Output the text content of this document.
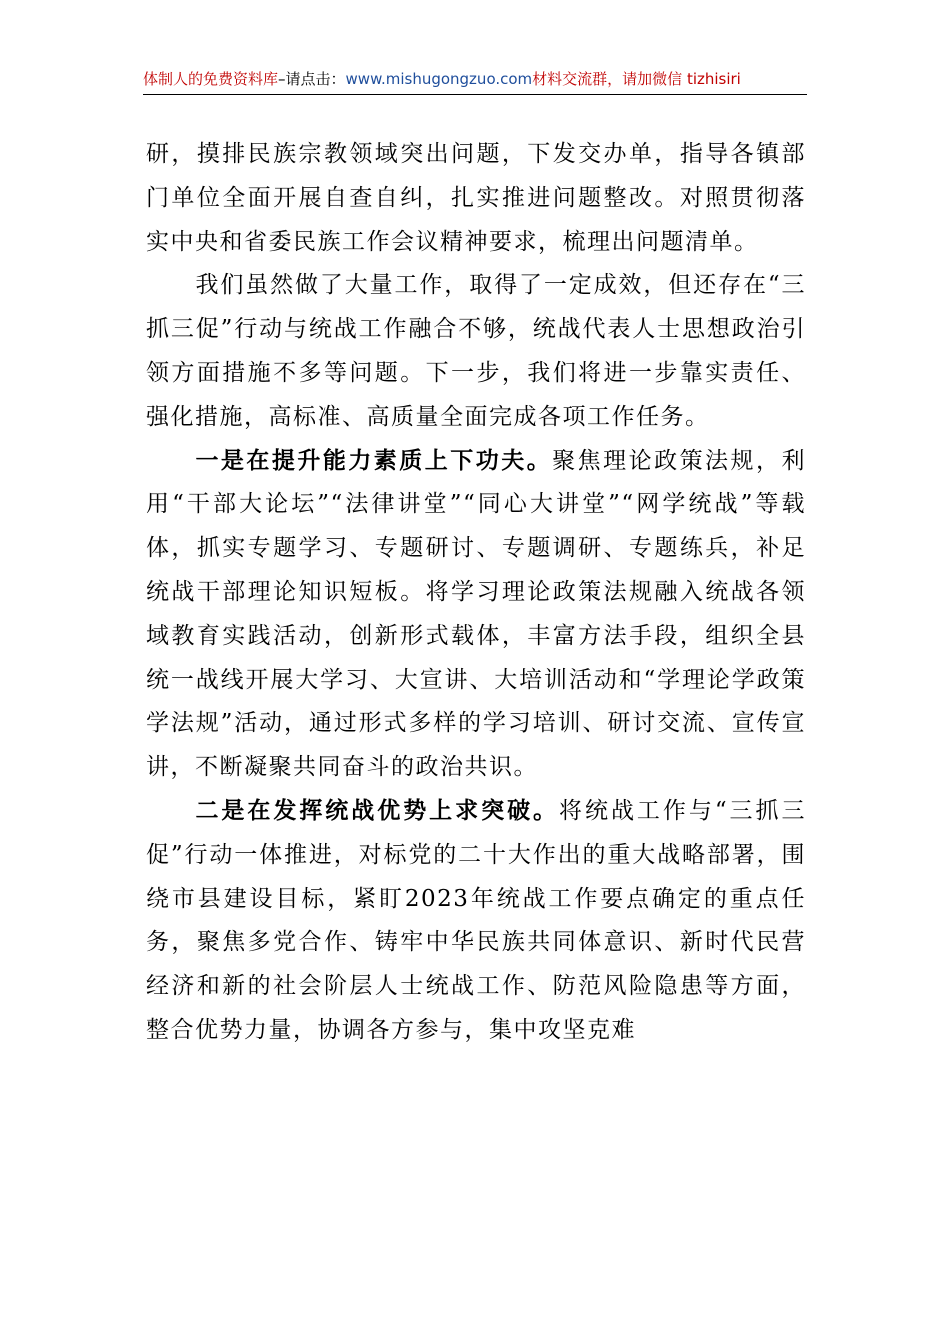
体制人的免费资料库–请点击：www.mishugongzuo.com材料交流群，请加微信 tizhisiri

研，摸排民族宗教领域突出问题，下发交办单，指导各镇部门单位全面开展自查自纠，扎实推进问题整改。对照贯彻落实中央和省委民族工作会议精神要求，梳理出问题清单。

我们虽然做了大量工作，取得了一定成效，但还存在“三抓三促”行动与统战工作融合不够，统战代表人士思想政治引领方面措施不多等问题。下一步，我们将进一步靠实责任、强化措施，高标准、高质量全面完成各项工作任务。

一是在提升能力素质上下功夫。聚焦理论政策法规，利用“干部大论坛”“法律讲堂”“同心大讲堂”“网学统战”等载体，抓实专题学习、专题研讨、专题调研、专题练兵，补足统战干部理论知识短板。将学习理论政策法规融入统战各领域教育实践活动，创新形式载体，丰富方法手段，组织全县统一战线开展大学习、大宣讲、大培训活动和“学理论学政策学法规”活动，通过形式多样的学习培训、研讨交流、宣传宣讲，不断凝聚共同奋斗的政治共识。

二是在发挥统战优势上求突破。将统战工作与“三抓三促”行动一体推进，对标党的二十大作出的重大战略部署，围绕市县建设目标，紧盯2023年统战工作要点确定的重点任务，聚焦多党合作、铸牢中华民族共同体意识、新时代民营经济和新的社会阶层人士统战工作、防范风险隐患等方面，整合优势力量，协调各方参与，集中攻坚克难
